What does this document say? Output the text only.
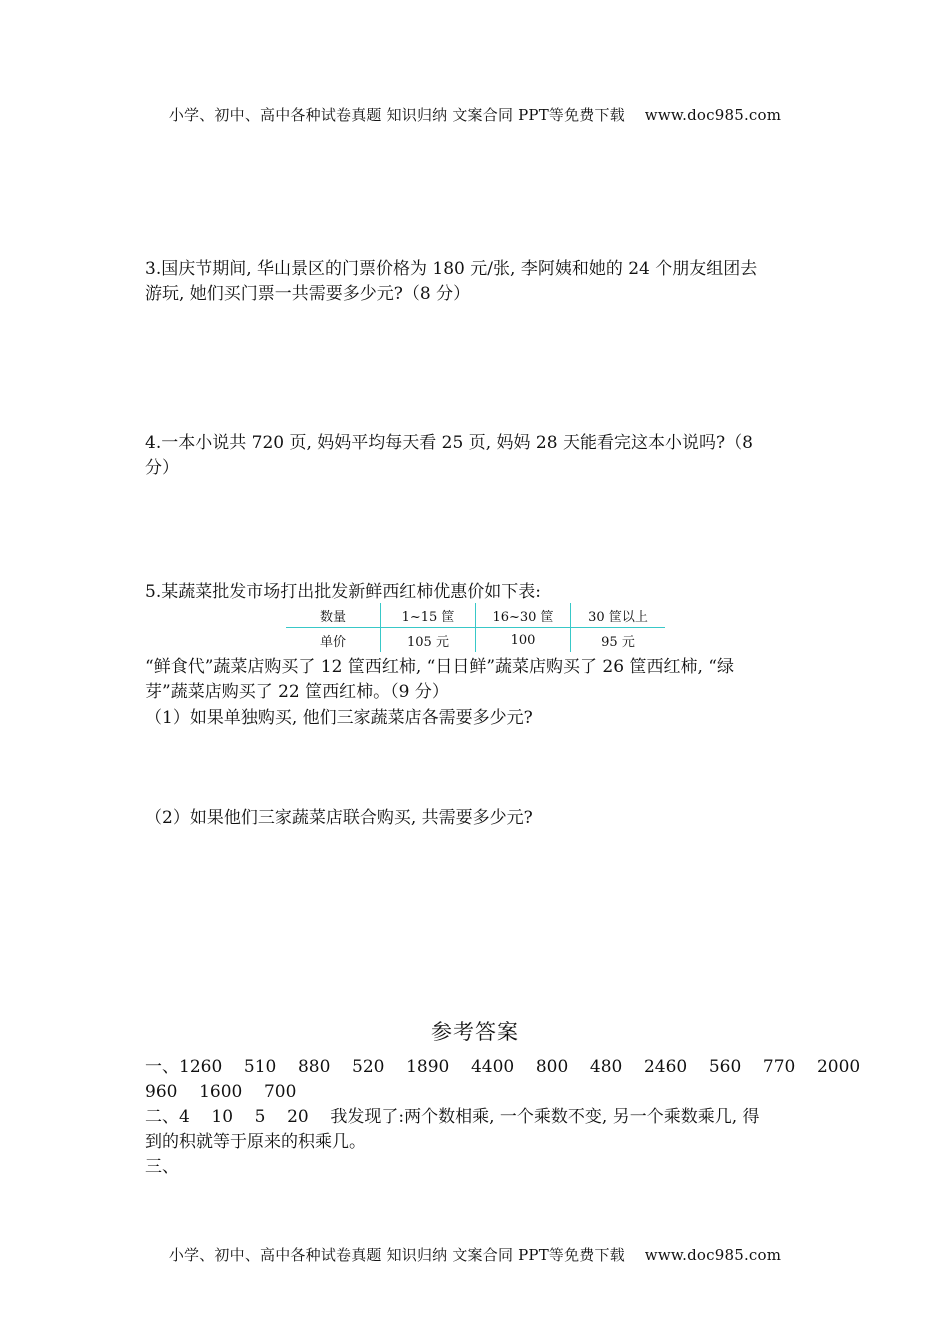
小学、初中、高中各种试卷真题 知识归纳 文案合同 PPT等免费下载    www.doc985.com
3.国庆节期间, 华山景区的门票价格为 180 元/张, 李阿姨和她的 24 个朋友组团去
游玩, 她们买门票一共需要多少元?（8 分）
4.一本小说共 720 页, 妈妈平均每天看 25 页, 妈妈 28 天能看完这本小说吗?（8
分）
5.某蔬菜批发市场打出批发新鲜西红柿优惠价如下表:
数量	1~15 筐	16~30 筐	30 筐以上
单价	105 元	100	95 元
“鲜食代”蔬菜店购买了 12 筐西红柿, “日日鲜”蔬菜店购买了 26 筐西红柿, “绿
芽”蔬菜店购买了 22 筐西红柿。（9 分）
（1）如果单独购买, 他们三家蔬菜店各需要多少元?
（2）如果他们三家蔬菜店联合购买, 共需要多少元?
参考答案
一、1260    510    880    520    1890    4400    800    480    2460    560    770    2000
960    1600    700
二、4    10    5    20    我发现了:两个数相乘, 一个乘数不变, 另一个乘数乘几, 得
到的积就等于原来的积乘几。
三、
小学、初中、高中各种试卷真题 知识归纳 文案合同 PPT等免费下载    www.doc985.com
